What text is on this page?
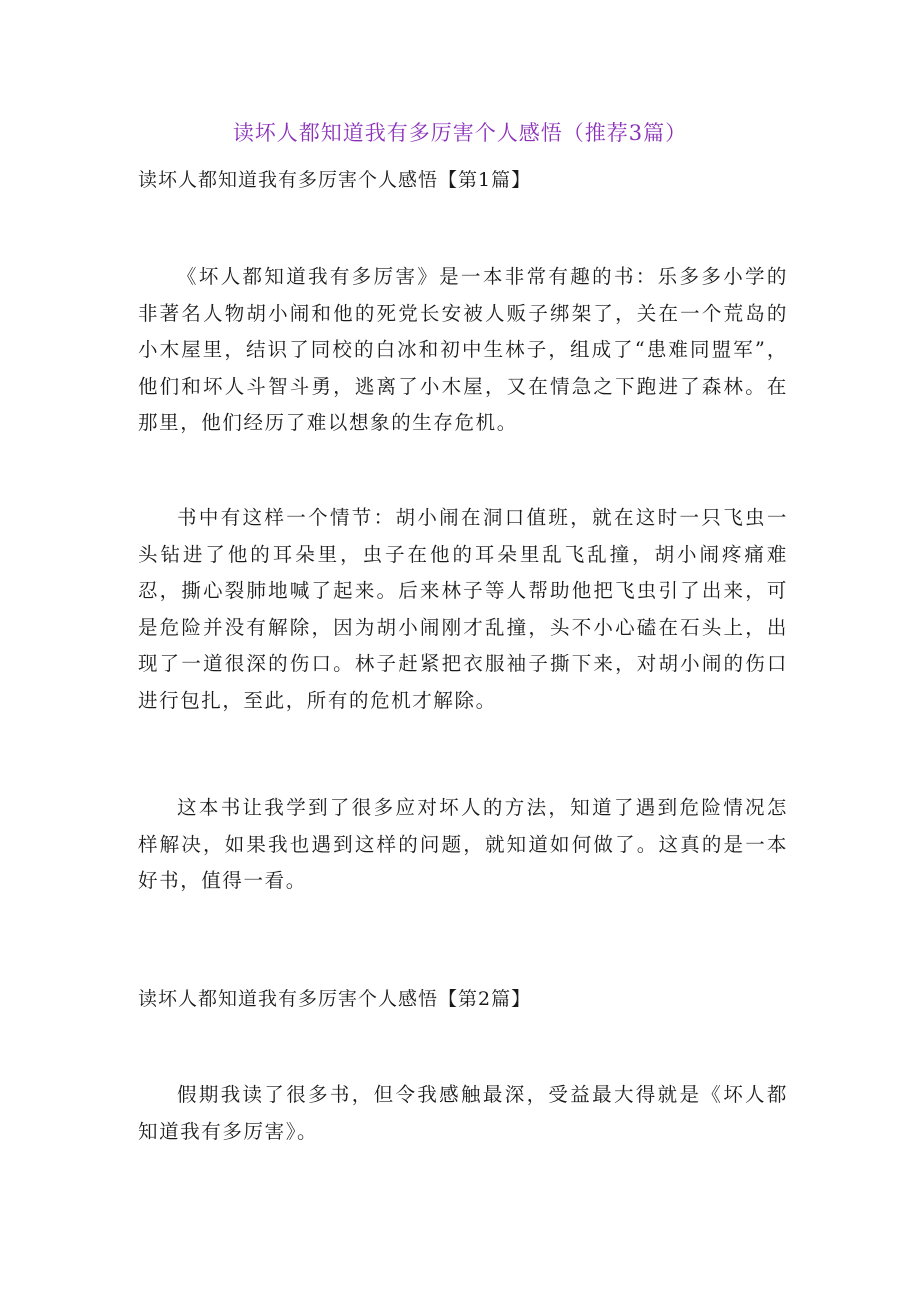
读坏人都知道我有多厉害个人感悟（推荐3篇）
读坏人都知道我有多厉害个人感悟【第1篇】

《坏人都知道我有多厉害》是一本非常有趣的书：乐多多小学的非著名人物胡小闹和他的死党长安被人贩子绑架了，关在一个荒岛的小木屋里，结识了同校的白冰和初中生林子，组成了“患难同盟军”，他们和坏人斗智斗勇，逃离了小木屋，又在情急之下跑进了森林。在那里，他们经历了难以想象的生存危机。

书中有这样一个情节：胡小闹在洞口值班，就在这时一只飞虫一头钻进了他的耳朵里，虫子在他的耳朵里乱飞乱撞，胡小闹疼痛难忍，撕心裂肺地喊了起来。后来林子等人帮助他把飞虫引了出来，可是危险并没有解除，因为胡小闹刚才乱撞，头不小心磕在石头上，出现了一道很深的伤口。林子赶紧把衣服袖子撕下来，对胡小闹的伤口进行包扎，至此，所有的危机才解除。

这本书让我学到了很多应对坏人的方法，知道了遇到危险情况怎样解决，如果我也遇到这样的问题，就知道如何做了。这真的是一本好书，值得一看。

读坏人都知道我有多厉害个人感悟【第2篇】

假期我读了很多书，但令我感触最深，受益最大得就是《坏人都知道我有多厉害》。
